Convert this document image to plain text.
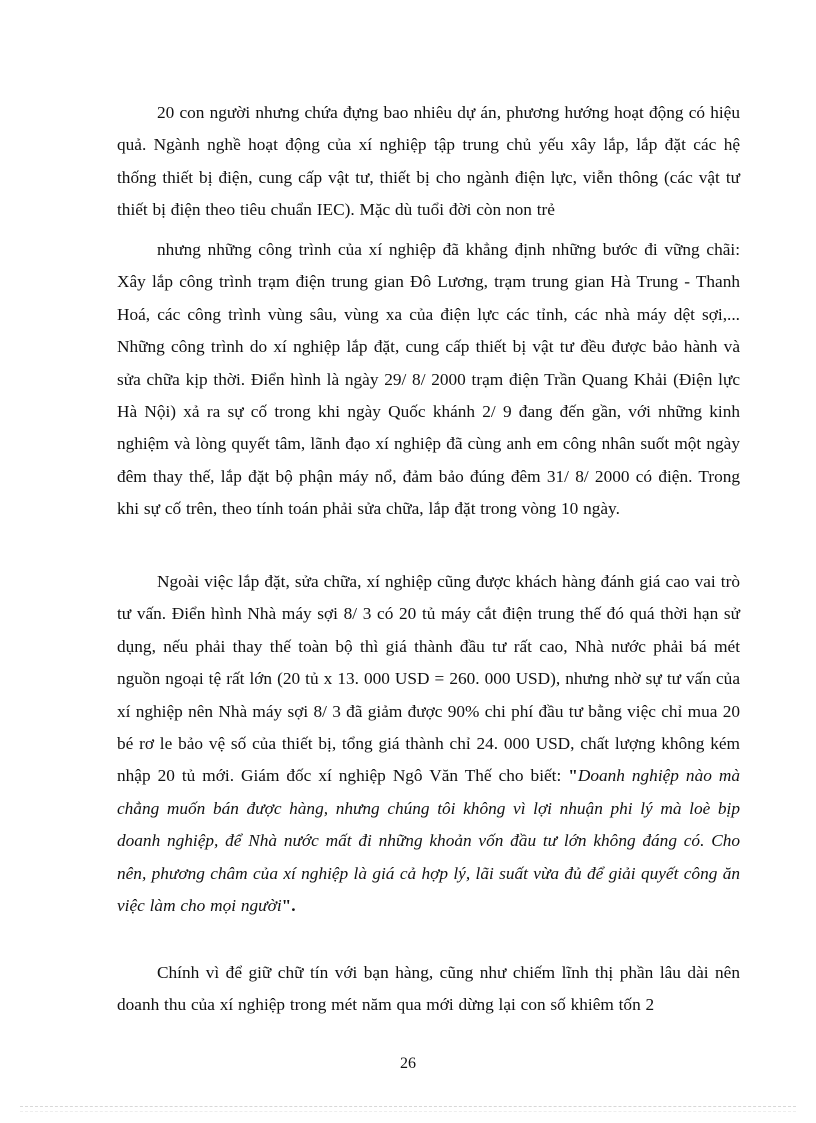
20 con người nhưng chứa đựng bao nhiêu dự án, phương hướng hoạt động có hiệu quả. Ngành nghề hoạt động của xí nghiệp tập trung chủ yếu xây lắp, lắp đặt các hệ thống thiết bị điện, cung cấp vật tư, thiết bị cho ngành điện lực, viễn thông (các vật tư thiết bị điện theo tiêu chuẩn IEC). Mặc dù tuổi đời còn non trẻ

nhưng những công trình của xí nghiệp đã khẳng định những bước đi vững chãi: Xây lắp công trình trạm điện trung gian Đô Lương, trạm trung gian Hà Trung - Thanh Hoá, các công trình vùng sâu, vùng xa của điện lực các tỉnh, các nhà máy dệt sợi,... Những công trình do xí nghiệp lắp đặt, cung cấp thiết bị vật tư đều được bảo hành và sửa chữa kịp thời. Điển hình là ngày 29/ 8/ 2000 trạm điện Trần Quang Khải (Điện lực Hà Nội) xả ra sự cố trong khi ngày Quốc khánh 2/ 9 đang đến gần, với những kinh nghiệm và lòng quyết tâm, lãnh đạo xí nghiệp đã cùng anh em công nhân suốt một ngày đêm thay thế, lắp đặt bộ phận máy nổ, đảm bảo đúng đêm 31/ 8/ 2000 có điện. Trong khi sự cố trên, theo tính toán phải sửa chữa, lắp đặt trong vòng 10 ngày.

Ngoài việc lắp đặt, sửa chữa, xí nghiệp cũng được khách hàng đánh giá cao vai trò tư vấn. Điển hình Nhà máy sợi 8/ 3 có 20 tủ máy cắt điện trung thế đó quá thời hạn sử dụng, nếu phải thay thế toàn bộ thì giá thành đầu tư rất cao, Nhà nước phải bá mét nguồn ngoại tệ rất lớn (20 tủ x 13. 000 USD = 260. 000 USD), nhưng nhờ sự tư vấn của xí nghiệp nên Nhà máy sợi 8/ 3 đã giảm được 90% chi phí đầu tư bằng việc chỉ mua 20 bé rơ le bảo vệ số của thiết bị, tổng giá thành chỉ 24. 000 USD, chất lượng không kém nhập 20 tủ mới. Giám đốc xí nghiệp Ngô Văn Thế cho biết: "Doanh nghiệp nào mà chẳng muốn bán được hàng, nhưng chúng tôi không vì lợi nhuận phi lý mà loè bịp doanh nghiệp, để Nhà nước mất đi những khoản vốn đầu tư lớn không đáng có. Cho nên, phương châm của xí nghiệp là giá cả hợp lý, lãi suất vừa đủ để giải quyết công ăn việc làm cho mọi người".

Chính vì để giữ chữ tín với bạn hàng, cũng như chiếm lĩnh thị phần lâu dài nên doanh thu của xí nghiệp trong mét năm qua mới dừng lại con số khiêm tốn 2

26
